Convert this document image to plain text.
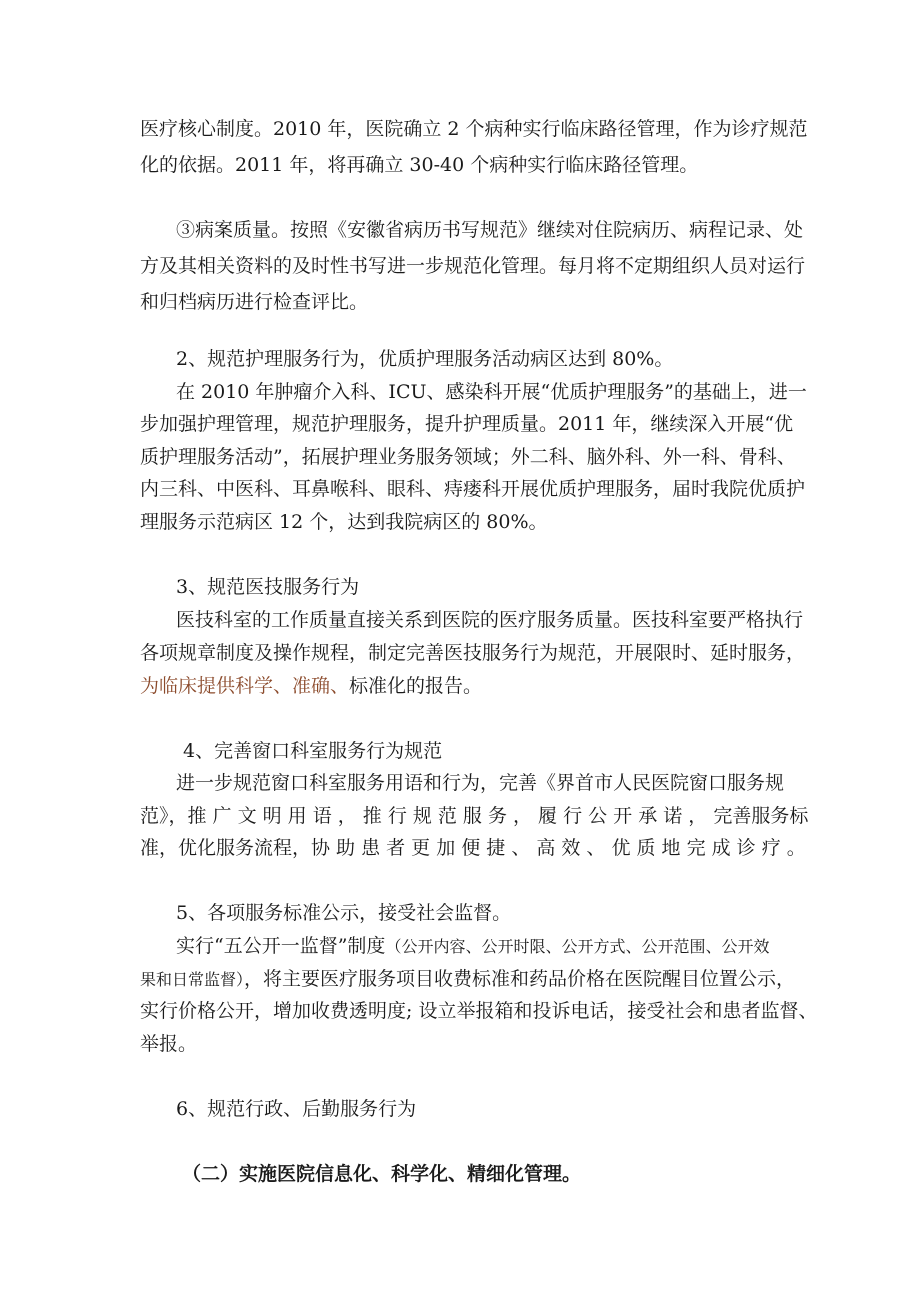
医疗核心制度。2010 年，医院确立 2 个病种实行临床路径管理，作为诊疗规范
化的依据。2011 年，将再确立 30-40 个病种实行临床路径管理。
③病案质量。按照《安徽省病历书写规范》继续对住院病历、病程记录、处
方及其相关资料的及时性书写进一步规范化管理。每月将不定期组织人员对运行
和归档病历进行检查评比。
2、规范护理服务行为，优质护理服务活动病区达到 80%。
在 2010 年肿瘤介入科、ICU、感染科开展“优质护理服务”的基础上，进一
步加强护理管理，规范护理服务，提升护理质量。2011 年，继续深入开展“优
质护理服务活动”，拓展护理业务服务领域；外二科、脑外科、外一科、骨科、
内三科、中医科、耳鼻喉科、眼科、痔瘘科开展优质护理服务，届时我院优质护
理服务示范病区 12 个，达到我院病区的 80%。
3、规范医技服务行为
医技科室的工作质量直接关系到医院的医疗服务质量。医技科室要严格执行
各项规章制度及操作规程，制定完善医技服务行为规范，开展限时、延时服务，
为临床提供科学、准确、标准化的报告。
4、完善窗口科室服务行为规范
进一步规范窗口科室服务用语和行为，完善《界首市人民医院窗口服务规
范》，推 广 文 明 用 语 ， 推 行 规 范 服 务 ， 履 行 公 开 承 诺 ， 完善服务标
准，优化服务流程，协 助 患 者 更 加 便 捷 、 高 效 、 优 质 地 完 成 诊 疗 。
5、各项服务标准公示，接受社会监督。
实行“五公开一监督”制度（公开内容、公开时限、公开方式、公开范围、公开效
果和日常监督），将主要医疗服务项目收费标准和药品价格在医院醒目位置公示，
实行价格公开，增加收费透明度; 设立举报箱和投诉电话，接受社会和患者监督、
举报。
6、规范行政、后勤服务行为
（二）实施医院信息化、科学化、精细化管理。
